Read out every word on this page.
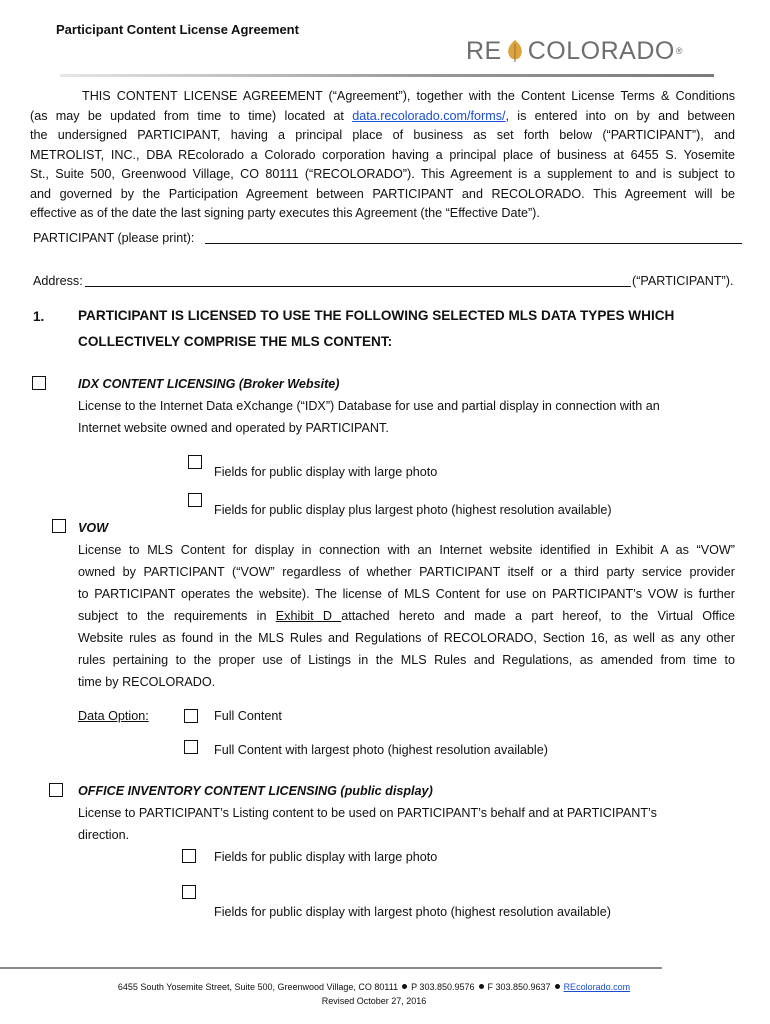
Participant Content License Agreement
RE COLORADO ®
THIS CONTENT LICENSE AGREEMENT (“Agreement”), together with the Content License Terms & Conditions
(as may be updated from time to time) located at data.recolorado.com/forms/, is entered into on by and between
the undersigned PARTICIPANT, having a principal place of business as set forth below (“PARTICIPANT”), and
METROLIST, INC., DBA REcolorado a Colorado corporation having a principal place of business at 6455 S. Yosemite
St., Suite 500, Greenwood Village, CO 80111 (“RECOLORADO”). This Agreement is a supplement to and is subject to
and governed by the Participation Agreement between PARTICIPANT and RECOLORADO. This Agreement will be
effective as of the date the last signing party executes this Agreement (the “Effective Date”).
PARTICIPANT (please print):
Address:	(“PARTICIPANT”).
1. PARTICIPANT IS LICENSED TO USE THE FOLLOWING SELECTED MLS DATA TYPES WHICH
COLLECTIVELY COMPRISE THE MLS CONTENT:
IDX CONTENT LICENSING (Broker Website)
License to the Internet Data eXchange (“IDX”) Database for use and partial display in connection with an
Internet website owned and operated by PARTICIPANT.
Fields for public display with large photo
Fields for public display plus largest photo (highest resolution available)
VOW
License to MLS Content for display in connection with an Internet website identified in Exhibit A as “VOW”
owned by PARTICIPANT (“VOW” regardless of whether PARTICIPANT itself or a third party service provider
to PARTICIPANT operates the website). The license of MLS Content for use on PARTICIPANT’s VOW is further
subject to the requirements in Exhibit D attached hereto and made a part hereof, to the Virtual Office
Website rules as found in the MLS Rules and Regulations of RECOLORADO, Section 16, as well as any other
rules pertaining to the proper use of Listings in the MLS Rules and Regulations, as amended from time to
time by RECOLORADO.
Data Option:	Full Content
Full Content with largest photo (highest resolution available)
OFFICE INVENTORY CONTENT LICENSING (public display)
License to PARTICIPANT’s Listing content to be used on PARTICIPANT’s behalf and at PARTICIPANT’s
direction.
Fields for public display with large photo
Fields for public display with largest photo (highest resolution available)
6455 South Yosemite Street, Suite 500, Greenwood Village, CO 80111 P 303.850.9576 F 303.850.9637 REcolorado.com
Revised October 27, 2016
